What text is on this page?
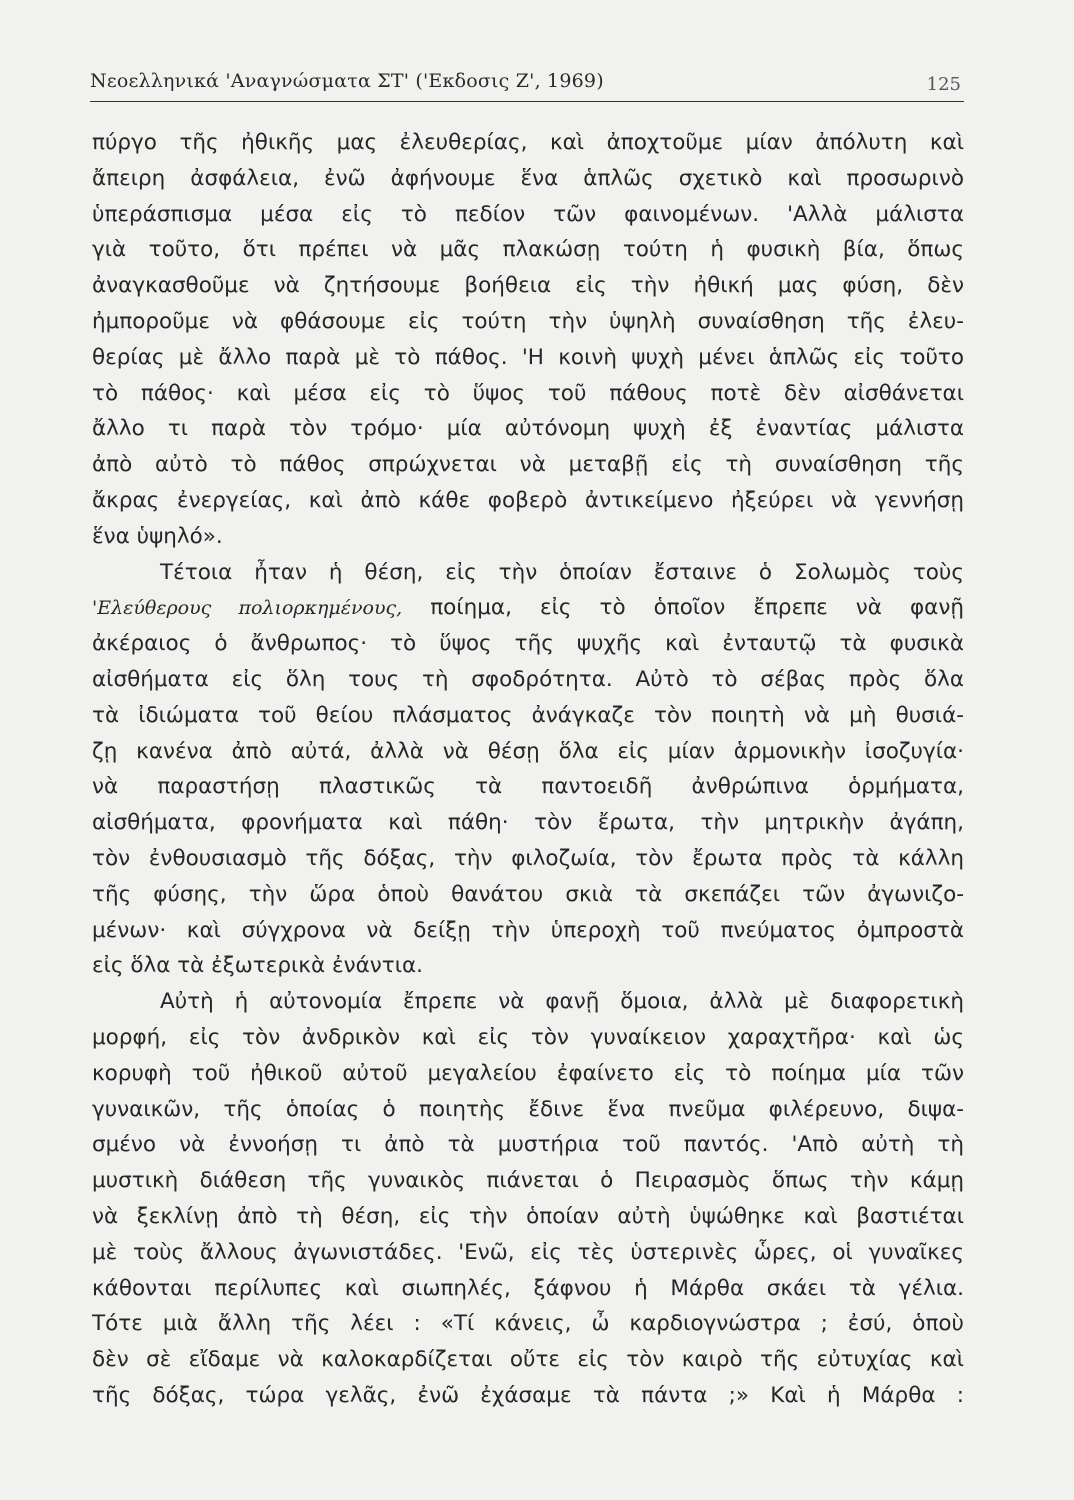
Νεοελληνικά 'Αναγνώσματα ΣΤ' ('Εκδοσις Ζ', 1969)	125
πύργο τῆς ἠθικῆς μας ἐλευθερίας, καὶ ἀποχτοῦμε μίαν ἀπόλυτη καὶ
ἄπειρη ἀσφάλεια, ἐνῶ ἀφήνουμε ἕνα ἁπλῶς σχετικὸ καὶ προσωρινὸ
ὑπεράσπισμα μέσα εἰς τὸ πεδίον τῶν φαινομένων. 'Αλλὰ μάλιστα
γιὰ τοῦτο, ὅτι πρέπει νὰ μᾶς πλακώσῃ τούτη ἡ φυσικὴ βία, ὅπως
ἀναγκασθοῦμε νὰ ζητήσουμε βοήθεια εἰς τὴν ἠθική μας φύση, δὲν
ἠμποροῦμε νὰ φθάσουμε εἰς τούτη τὴν ὑψηλὴ συναίσθηση τῆς ἐλευ-
θερίας μὲ ἄλλο παρὰ μὲ τὸ πάθος. 'Η κοινὴ ψυχὴ μένει ἁπλῶς εἰς τοῦτο
τὸ πάθος· καὶ μέσα εἰς τὸ ὕψος τοῦ πάθους ποτὲ δὲν αἰσθάνεται
ἄλλο τι παρὰ τὸν τρόμο· μία αὐτόνομη ψυχὴ ἐξ ἐναντίας μάλιστα
ἀπὸ αὐτὸ τὸ πάθος σπρώχνεται νὰ μεταβῇ εἰς τὴ συναίσθηση τῆς
ἄκρας ἐνεργείας, καὶ ἀπὸ κάθε φοβερὸ ἀντικείμενο ἠξεύρει νὰ γεννήσῃ
ἕνα ὑψηλό».
Τέτοια ἦταν ἡ θέση, εἰς τὴν ὁποίαν ἔσταινε ὁ Σολωμὸς τοὺς
'Ελεύθερους πολιορκημένους, ποίημα, εἰς τὸ ὁποῖον ἔπρεπε νὰ φανῇ
ἀκέραιος ὁ ἄνθρωπος· τὸ ὕψος τῆς ψυχῆς καὶ ἐνταυτῷ τὰ φυσικὰ
αἰσθήματα εἰς ὅλη τους τὴ σφοδρότητα. Αὐτὸ τὸ σέβας πρὸς ὅλα
τὰ ἰδιώματα τοῦ θείου πλάσματος ἀνάγκαζε τὸν ποιητὴ νὰ μὴ θυσιά-
ζῃ κανένα ἀπὸ αὐτά, ἀλλὰ νὰ θέσῃ ὅλα εἰς μίαν ἁρμονικὴν ἰσοζυγία·
νὰ παραστήσῃ πλαστικῶς τὰ παντοειδῆ ἀνθρώπινα ὁρμήματα,
αἰσθήματα, φρονήματα καὶ πάθη· τὸν ἔρωτα, τὴν μητρικὴν ἀγάπη,
τὸν ἐνθουσιασμὸ τῆς δόξας, τὴν φιλοζωία, τὸν ἔρωτα πρὸς τὰ κάλλη
τῆς φύσης, τὴν ὥρα ὁποὺ θανάτου σκιὰ τὰ σκεπάζει τῶν ἀγωνιζο-
μένων· καὶ σύγχρονα νὰ δείξῃ τὴν ὑπεροχὴ τοῦ πνεύματος ὀμπροστὰ
εἰς ὅλα τὰ ἐξωτερικὰ ἐνάντια.
Αὐτὴ ἡ αὐτονομία ἔπρεπε νὰ φανῇ ὅμοια, ἀλλὰ μὲ διαφορετικὴ
μορφή, εἰς τὸν ἀνδρικὸν καὶ εἰς τὸν γυναίκειον χαραχτῆρα· καὶ ὡς
κορυφὴ τοῦ ἠθικοῦ αὐτοῦ μεγαλείου ἐφαίνετο εἰς τὸ ποίημα μία τῶν
γυναικῶν, τῆς ὁποίας ὁ ποιητὴς ἔδινε ἕνα πνεῦμα φιλέρευνο, διψα-
σμένο νὰ ἐννοήσῃ τι ἀπὸ τὰ μυστήρια τοῦ παντός. 'Απὸ αὐτὴ τὴ
μυστικὴ διάθεση τῆς γυναικὸς πιάνεται ὁ Πειρασμὸς ὅπως τὴν κάμῃ
νὰ ξεκλίνῃ ἀπὸ τὴ θέση, εἰς τὴν ὁποίαν αὐτὴ ὑψώθηκε καὶ βαστιέται
μὲ τοὺς ἄλλους ἀγωνιστάδες. 'Ενῶ, εἰς τὲς ὑστερινὲς ὧρες, οἱ γυναῖκες
κάθονται περίλυπες καὶ σιωπηλές, ξάφνου ἡ Μάρθα σκάει τὰ γέλια.
Τότε μιὰ ἄλλη τῆς λέει : «Τί κάνεις, ὦ καρδιογνώστρα ; ἐσύ, ὁποὺ
δὲν σὲ εἴδαμε νὰ καλοκαρδίζεται οὔτε εἰς τὸν καιρὸ τῆς εὐτυχίας καὶ
τῆς δόξας, τώρα γελᾶς, ἐνῶ ἐχάσαμε τὰ πάντα ;» Καὶ ἡ Μάρθα :
